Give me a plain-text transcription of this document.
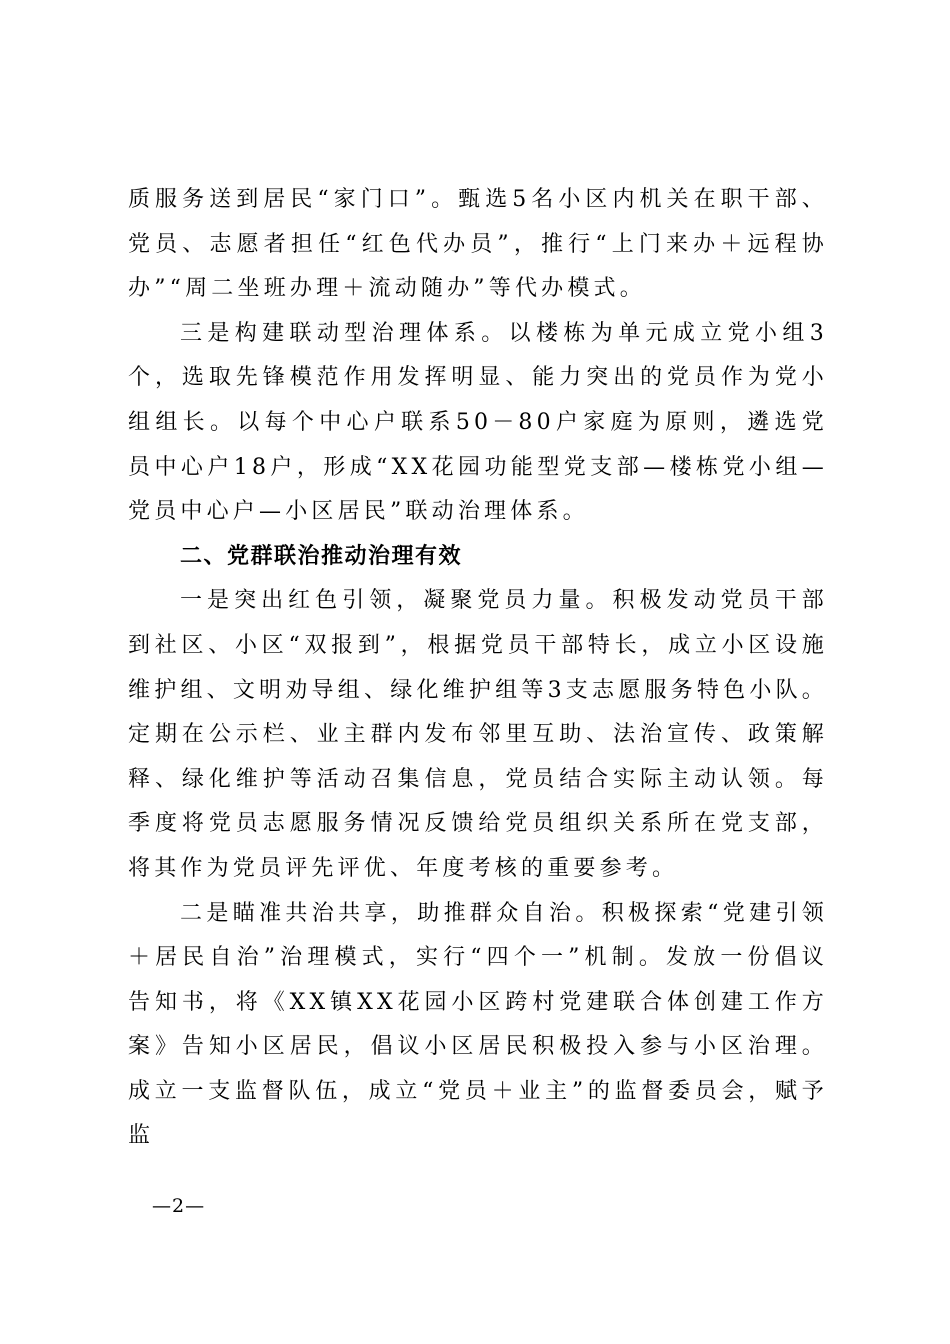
质服务送到居民“家门口”。甄选5名小区内机关在职干部、党员、志愿者担任“红色代办员”，推行“上门来办＋远程协办”“周二坐班办理＋流动随办”等代办模式。

三是构建联动型治理体系。以楼栋为单元成立党小组3个，选取先锋模范作用发挥明显、能力突出的党员作为党小组组长。以每个中心户联系50－80户家庭为原则，遴选党员中心户18户，形成“XX花园功能型党支部—楼栋党小组—党员中心户—小区居民”联动治理体系。

二、党群联治推动治理有效

一是突出红色引领，凝聚党员力量。积极发动党员干部到社区、小区“双报到”，根据党员干部特长，成立小区设施维护组、文明劝导组、绿化维护组等3支志愿服务特色小队。定期在公示栏、业主群内发布邻里互助、法治宣传、政策解释、绿化维护等活动召集信息，党员结合实际主动认领。每季度将党员志愿服务情况反馈给党员组织关系所在党支部，将其作为党员评先评优、年度考核的重要参考。

二是瞄准共治共享，助推群众自治。积极探索“党建引领＋居民自治”治理模式，实行“四个一”机制。发放一份倡议告知书，将《XX镇XX花园小区跨村党建联合体创建工作方案》告知小区居民，倡议小区居民积极投入参与小区治理。成立一支监督队伍，成立“党员＋业主”的监督委员会，赋予监

—2—
